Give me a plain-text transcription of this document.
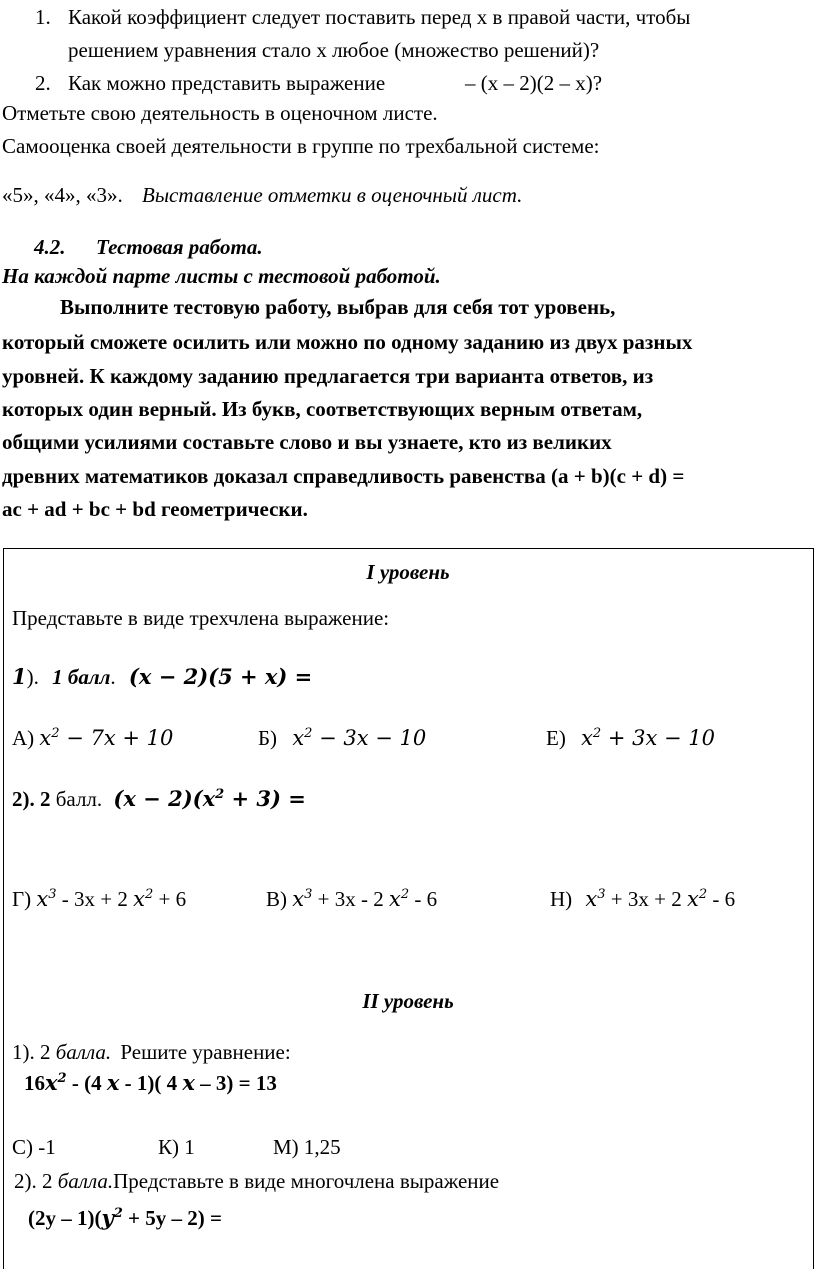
1. Какой коэффициент следует поставить перед х в правой части, чтобы
решением уравнения стало х любое (множество решений)?
2. Как можно представить выражение	– (х – 2)(2 – х)?
Отметьте свою деятельность в оценочном листе.
Самооценка своей деятельности в группе по трехбальной системе:
«5», «4», «3». Выставление отметки в оценочный лист.
4.2. Тестовая работа.
На каждой парте листы с тестовой работой.
Выполните тестовую работу, выбрав для себя тот уровень,
который сможете осилить или можно по одному заданию из двух разных
уровней. К каждому заданию предлагается три варианта ответов, из
которых один верный. Из букв, соответствующих верным ответам,
общими усилиями составьте слово и вы узнаете, кто из великих
древних математиков доказал справедливость равенства (a + b)(c + d) =
ac + ad + bc + bd геометрически.
I уровень
Представьте в виде трехчлена выражение:
1). 1 балл. (x − 2)(5 + x) =
А) $x^2 - 7x + 10$	Б) $x^2 - 3x - 10$	Е) $x^2 + 3x - 10$
2). 2 балл. $(x - 2)(x^2 + 3)$ =
Г) $x^3 - 3х + 2$ $x^2 + 6$	В) $x^3 + 3х - 2$ $x^2 - 6$	Н) $x^3 + 3х + 2$ $x^2 - 6$
II уровень
1). 2 балла. Решите уравнение:
$16x^2 - (4$ x - 1)( 4 x – 3) = 13
С) -1	К) 1	М) 1,25
2). 2 балла.Представьте в виде многочлена выражение
$(2у - 1)(y^2 + 5у - 2)$ =
